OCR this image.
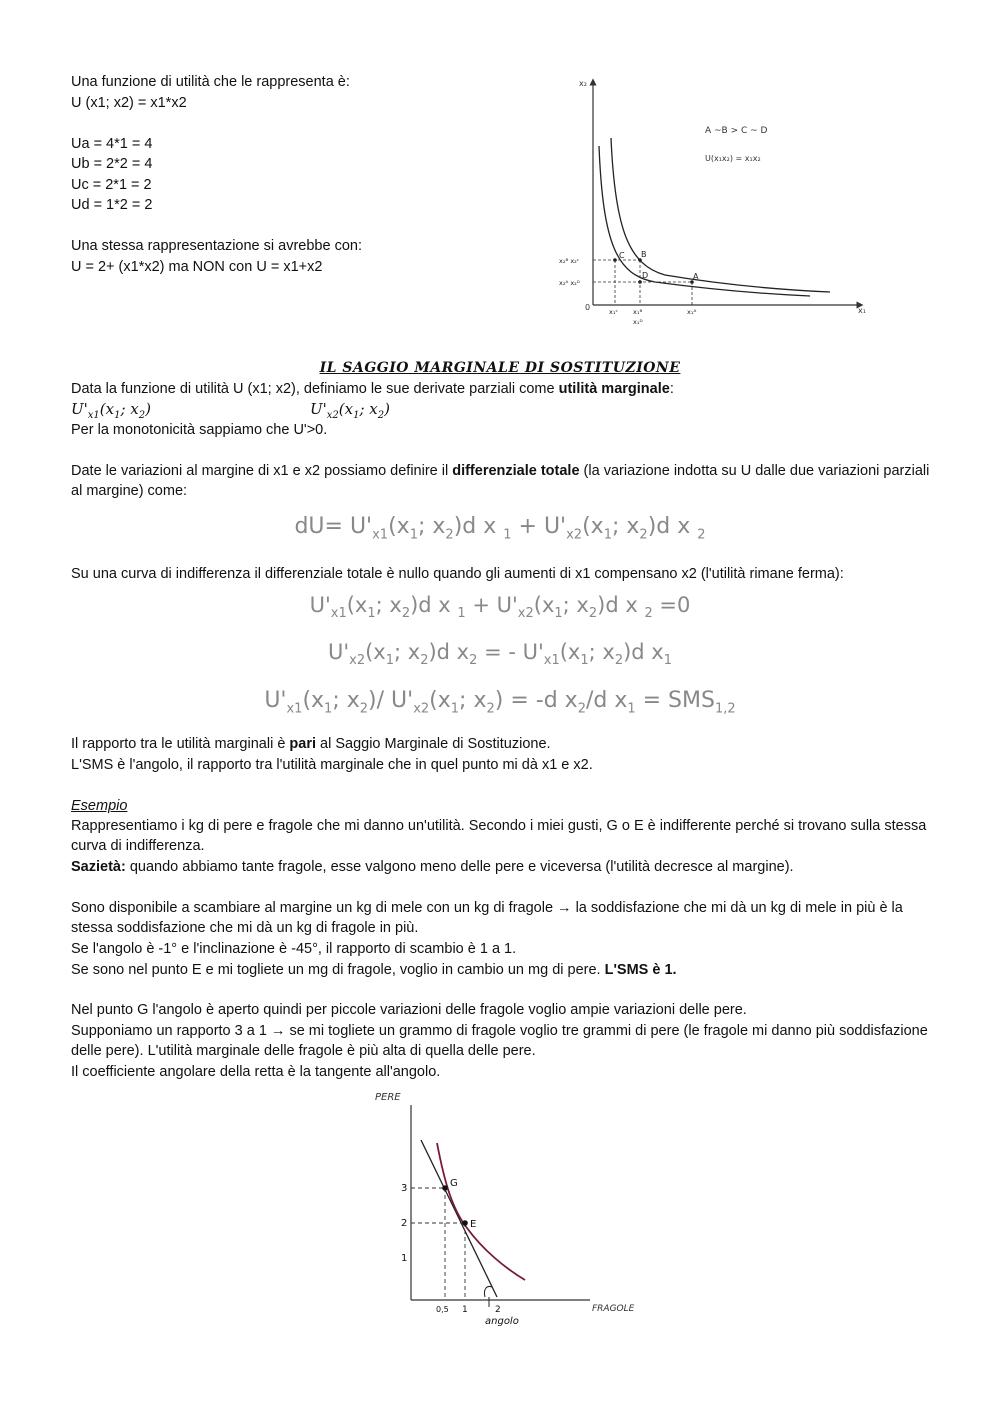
Una funzione di utilità che le rappresenta è:
U (x1; x2) = x1*x2
Ua = 4*1 = 4
Ub = 2*2 = 4
Uc = 2*1 = 2
Ud = 1*2 = 2
Una stessa rappresentazione si avrebbe con:
U = 2+ (x1*x2) ma NON con U = x1+x2
x₂
x₁
0
A ~B > C ~ D
U(x₁x₂) = x₁x₂
A
B
C
D
x₂ᴮ x₂ᶜ
x₂ᴬ x₂ᴰ
x₁ᶜ x₁ᴮ
x₁ᴰ
x₁ᴬ
IL SAGGIO MARGINALE DI SOSTITUZIONE
Data la funzione di utilità U (x1; x2), definiamo le sue derivate parziali come utilità marginale:
$U'_{x1}(x_1$; $x_2$)	$U'_{x2}(x_1$; $x_2$)
Per la monotonicità sappiamo che U'>0.
Date le variazioni al margine di x1 e x2 possiamo definire il differenziale totale (la variazione indotta su U dalle due variazioni parziali al margine) come:
$dU= U'_{x1}(x_1$; $x_2)d$ x $_1 + U'_{x2}(x_1$; $x_2)d$ x $_2$
Su una curva di indifferenza il differenziale totale è nullo quando gli aumenti di x1 compensano x2 (l'utilità rimane ferma):
$U'_{x1}(x_1$; $x_2)d$ x $_1 + U'_{x2}(x_1$; $x_2)d$ x $_2$ =0
$U'_{x2}(x_1$; $x_2)d$ $x_2$ = - $U'_{x1}(x_1$; $x_2)d$ $x_1$
$U'_{x1}(x_1$; $x_2)/$ $U'_{x2}(x_1$; $x_2) = -d$ $x_2/d$ $x_1 = SMS_{1,2}$
Il rapporto tra le utilità marginali è pari al Saggio Marginale di Sostituzione.
L'SMS è l'angolo, il rapporto tra l'utilità marginale che in quel punto mi dà x1 e x2.
Esempio
Rappresentiamo i kg di pere e fragole che mi danno un'utilità. Secondo i miei gusti, G o E è indifferente perché si trovano sulla stessa curva di indifferenza.
Sazietà: quando abbiamo tante fragole, esse valgono meno delle pere e viceversa (l'utilità decresce al margine).
Sono disponibile a scambiare al margine un kg di mele con un kg di fragole → la soddisfazione che mi dà un kg di mele in più è la stessa soddisfazione che mi dà un kg di fragole in più.
Se l'angolo è -1° e l'inclinazione è -45°, il rapporto di scambio è 1 a 1.
Se sono nel punto E e mi togliete un mg di fragole, voglio in cambio un mg di pere. L'SMS è 1.
Nel punto G l'angolo è aperto quindi per piccole variazioni delle fragole voglio ampie variazioni delle pere.
Supponiamo un rapporto 3 a 1 → se mi togliete un grammo di fragole voglio tre grammi di pere (le fragole mi danno più soddisfazione delle pere). L'utilità marginale delle fragole è più alta di quella delle pere.
Il coefficiente angolare della retta è la tangente all'angolo.
PERE
FRAGOLE
G
E
3
2
1
0,5 1	2
angolo
